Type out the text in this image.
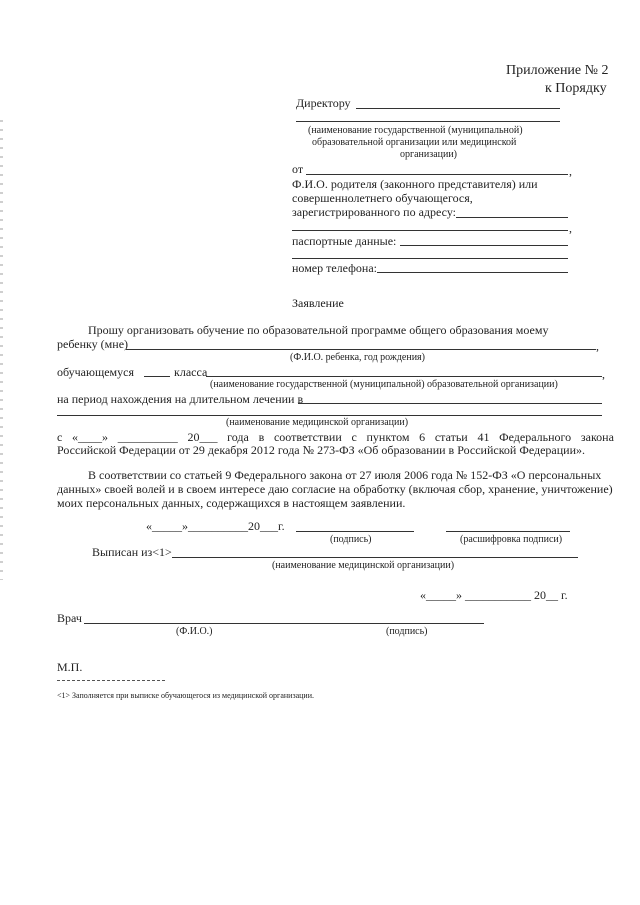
Приложение № 2
к Порядку
Директору
(наименование государственной (муниципальной)
образовательной организации или медицинской
организации)
от	,
Ф.И.О. родителя (законного представителя) или
совершеннолетнего обучающегося,
зарегистрированного по адресу:
,
паспортные данные:
номер телефона:
Заявление
Прошу организовать обучение по образовательной программе общего образования моему
ребенку (мне)	,
(Ф.И.О. ребенка, год рождения)
обучающемуся	класса	,
(наименование государственной (муниципальной) образовательной организации)
на период нахождения на длительном лечении в
(наименование медицинской организации)
с «____» __________ 20___ года в соответствии с пунктом 6 статьи 41 Федерального закона
Российской Федерации от 29 декабря 2012 года № 273-ФЗ «Об образовании в Российской Федерации».
В соответствии со статьей 9 Федерального закона от 27 июля 2006 года № 152-ФЗ «О персональных
данных» своей волей и в своем интересе даю согласие на обработку (включая сбор, хранение, уничтожение)
моих персональных данных, содержащихся в настоящем заявлении.
«_____»__________20___г.
(подпись)	(расшифровка подписи)
Выписан из<1>
(наименование медицинской организации)
«_____» ___________ 20__ г.
Врач
(Ф.И.О.)	(подпись)
М.П.
<1> Заполняется при выписке обучающегося из медицинской организации.
